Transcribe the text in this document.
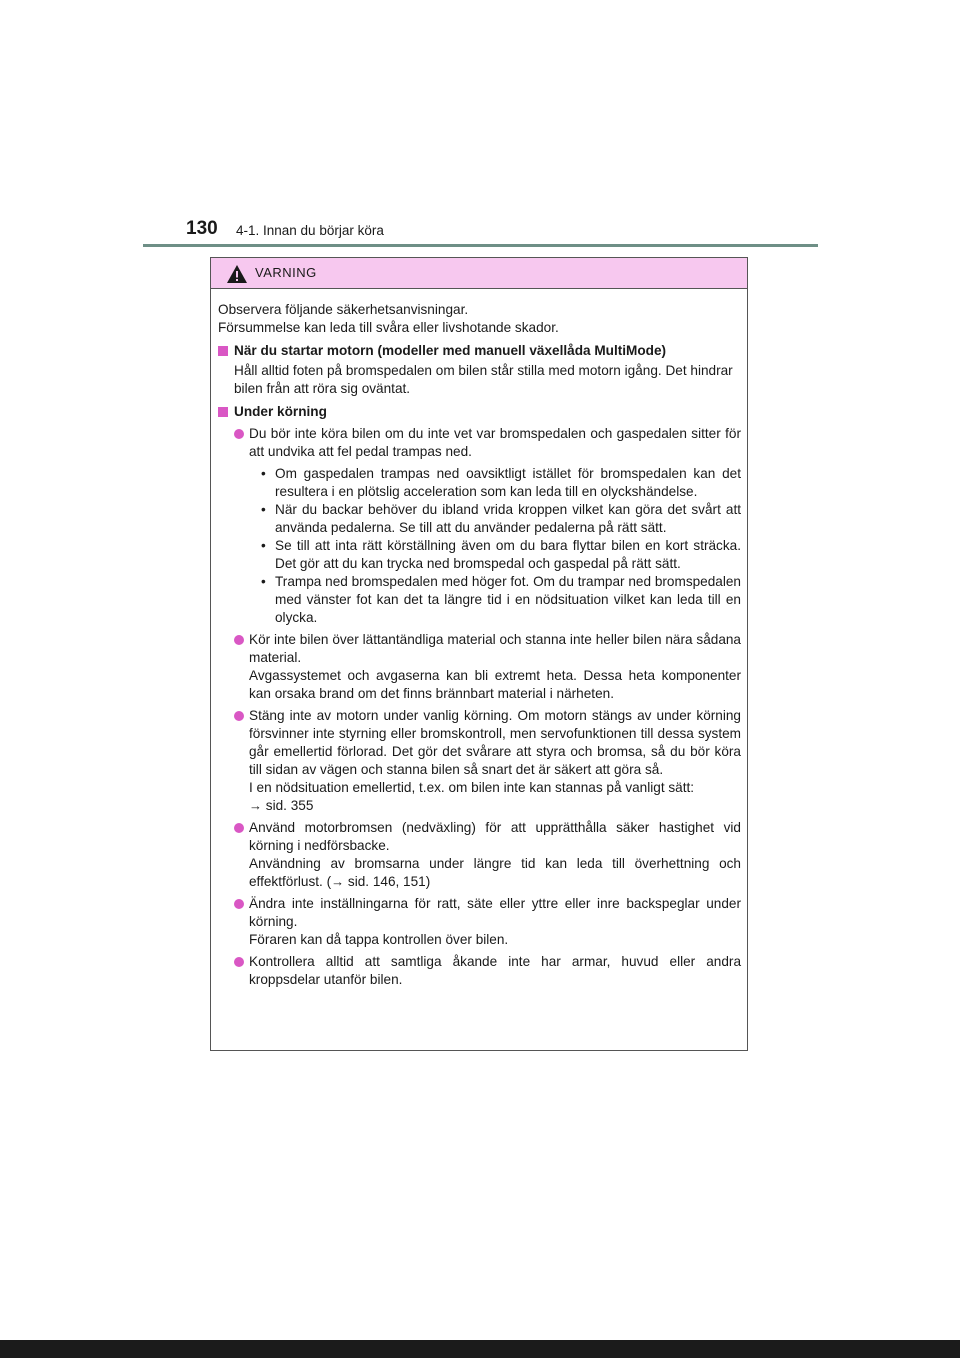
130 4-1. Innan du börjar köra
VARNING

Observera följande säkerhetsanvisningar.

Försummelse kan leda till svåra eller livshotande skador.

När du startar motorn (modeller med manuell växellåda MultiMode)

Håll alltid foten på bromspedalen om bilen står stilla med motorn igång. Det hindrar bilen från att röra sig oväntat.

Under körning

Du bör inte köra bilen om du inte vet var bromspedalen och gaspedalen sitter för att undvika att fel pedal trampas ned.

• Om gaspedalen trampas ned oavsiktligt istället för bromspedalen kan det resultera i en plötslig acceleration som kan leda till en olyckshändelse.
• När du backar behöver du ibland vrida kroppen vilket kan göra det svårt att använda pedalerna. Se till att du använder pedalerna på rätt sätt.
• Se till att inta rätt körställning även om du bara flyttar bilen en kort sträcka. Det gör att du kan trycka ned bromspedal och gaspedal på rätt sätt.
• Trampa ned bromspedalen med höger fot. Om du trampar ned bromspedalen med vänster fot kan det ta längre tid i en nödsituation vilket kan leda till en olycka.

Kör inte bilen över lättantändliga material och stanna inte heller bilen nära sådana material.

Avgassystemet och avgaserna kan bli extremt heta. Dessa heta komponenter kan orsaka brand om det finns brännbart material i närheten.

Stäng inte av motorn under vanlig körning. Om motorn stängs av under körning försvinner inte styrning eller bromskontroll, men servofunktionen till dessa system går emellertid förlorad. Det gör det svårare att styra och bromsa, så du bör köra till sidan av vägen och stanna bilen så snart det är säkert att göra så.

I en nödsituation emellertid, t.ex. om bilen inte kan stannas på vanligt sätt:

→ sid. 355

Använd motorbromsen (nedväxling) för att upprätthålla säker hastighet vid körning i nedförsbacke.

Användning av bromsarna under längre tid kan leda till överhettning och effektförlust. (→ sid. 146, 151)

Ändra inte inställningarna för ratt, säte eller yttre eller inre backspeglar under körning.

Föraren kan då tappa kontrollen över bilen.

Kontrollera alltid att samtliga åkande inte har armar, huvud eller andra kroppsdelar utanför bilen.
